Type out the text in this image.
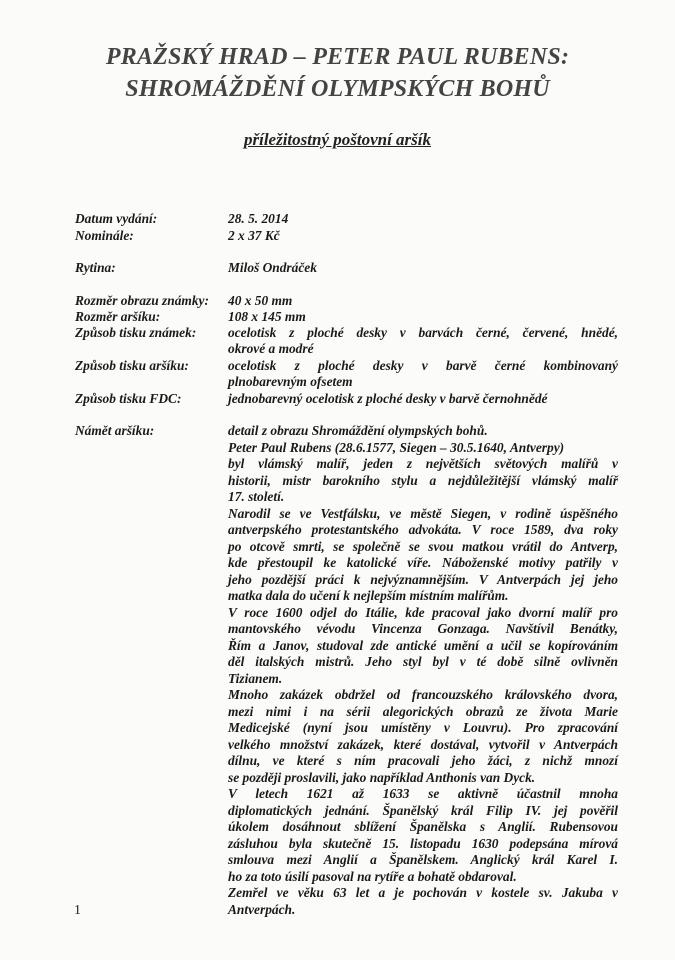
PRAŽSKÝ HRAD – PETER PAUL RUBENS:
SHROMÁŽDĚNÍ OLYMPSKÝCH BOHŮ
příležitostný poštovní aršík
Datum vydání:	28. 5. 2014
Nominále:	2 x 37 Kč
Rytina:	Miloš Ondráček
Rozměr obrazu známky: 40 x 50 mm
Rozměr aršíku:	108 x 145 mm
Způsob tisku známek: ocelotisk z ploché desky v barvách černé, červené, hnědé,
okrové a modré
Způsob tisku aršíku:	ocelotisk z ploché desky v barvě černé kombinovaný
plnobarevným ofsetem
Způsob tisku FDC:	jednobarevný ocelotisk z ploché desky v barvě černohnědé
Námět aršíku:	detail z obrazu Shromáždění olympských bohů.
Peter Paul Rubens (28.6.1577, Siegen – 30.5.1640, Antverpy)
byl vlámský malíř, jeden z největších světových malířů v
historii, mistr barokního stylu a nejdůležitější vlámský malíř
17. století.
Narodil se ve Vestfálsku, ve městě Siegen, v rodině úspěšného
antverpského protestantského advokáta. V roce 1589, dva roky
po otcově smrti, se společně se svou matkou vrátil do Antverp,
kde přestoupil ke katolické víře. Náboženské motivy patřily v
jeho pozdější práci k nejvýznamnějším. V Antverpách jej jeho
matka dala do učení k nejlepším místním malířům.
V roce 1600 odjel do Itálie, kde pracoval jako dvorní malíř pro
mantovského vévodu Vincenza Gonzaga. Navštívil Benátky,
Řím a Janov, studoval zde antické umění a učil se kopírováním
děl italských mistrů. Jeho styl byl v té době silně ovlivněn
Tizianem.
Mnoho zakázek obdržel od francouzského královského dvora,
mezi nimi i na sérii alegorických obrazů ze života Marie
Medicejské (nyní jsou umístěny v Louvru). Pro zpracování
velkého množství zakázek, které dostával, vytvořil v Antverpách
dílnu, ve které s ním pracovali jeho žáci, z nichž mnozí
se později proslavili, jako například Anthonis van Dyck.
V letech 1621 až 1633 se aktivně účastnil mnoha
diplomatických jednání. Španělský král Filip IV. jej pověřil
úkolem dosáhnout sblížení Španělska s Anglií. Rubensovou
zásluhou byla skutečně 15. listopadu 1630 podepsána mírová
smlouva mezi Anglií a Španělskem. Anglický král Karel I.
ho za toto úsilí pasoval na rytíře a bohatě obdaroval.
Zemřel ve věku 63 let a je pochován v kostele sv. Jakuba v
Antverpách.
1
